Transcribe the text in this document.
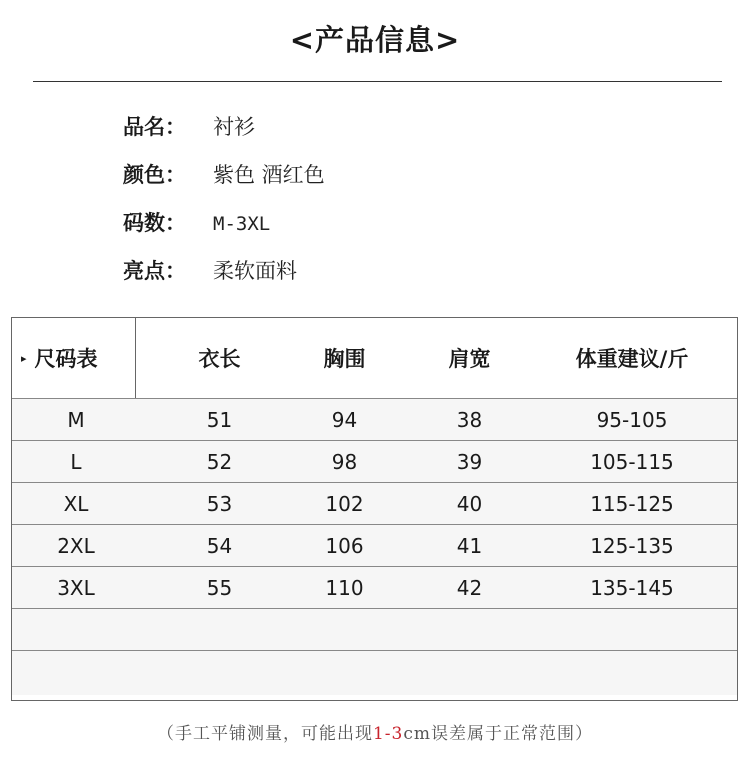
<产品信息>
品名： 衬衫
颜色： 紫色 酒红色
码数： M-3XL
亮点： 柔软面料
▸ 尺码表	衣长	胸围	肩宽	体重建议/斤
M	51	94	38	95-105
L	52	98	39	105-115
XL	53	102	40	115-125
2XL	54	106	41	125-135
3XL	55	110	42	135-145
（手工平铺测量，可能出现1-3cm误差属于正常范围）
